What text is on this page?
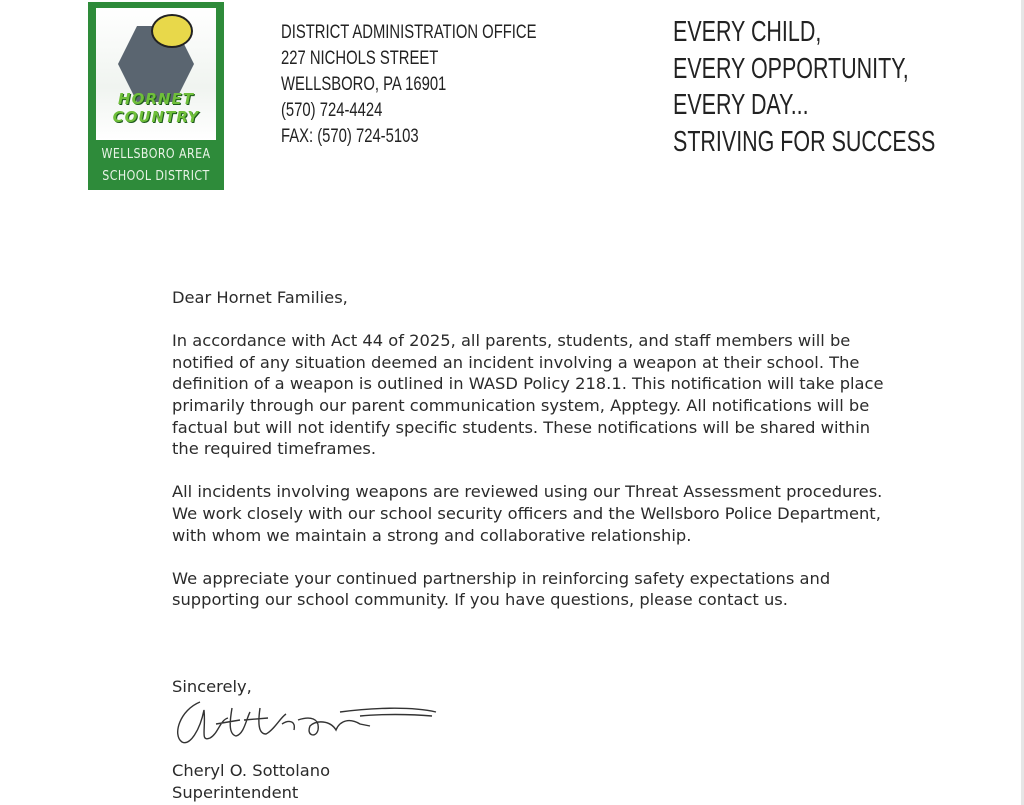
HORNET
COUNTRY
WELLSBORO AREA
SCHOOL DISTRICT
DISTRICT ADMINISTRATION OFFICE
227 NICHOLS STREET
WELLSBORO, PA 16901
(570) 724-4424
FAX: (570) 724-5103
EVERY CHILD,
EVERY OPPORTUNITY,
EVERY DAY...
STRIVING FOR SUCCESS

Dear Hornet Families,

In accordance with Act 44 of 2025, all parents, students, and staff members will be notified of any situation deemed an incident involving a weapon at their school. The definition of a weapon is outlined in WASD Policy 218.1. This notification will take place primarily through our parent communication system, Apptegy. All notifications will be factual but will not identify specific students. These notifications will be shared within the required timeframes.

All incidents involving weapons are reviewed using our Threat Assessment procedures. We work closely with our school security officers and the Wellsboro Police Department, with whom we maintain a strong and collaborative relationship.

We appreciate your continued partnership in reinforcing safety expectations and supporting our school community. If you have questions, please contact us.

Sincerely,
Cheryl O. Sottolano
Superintendent
